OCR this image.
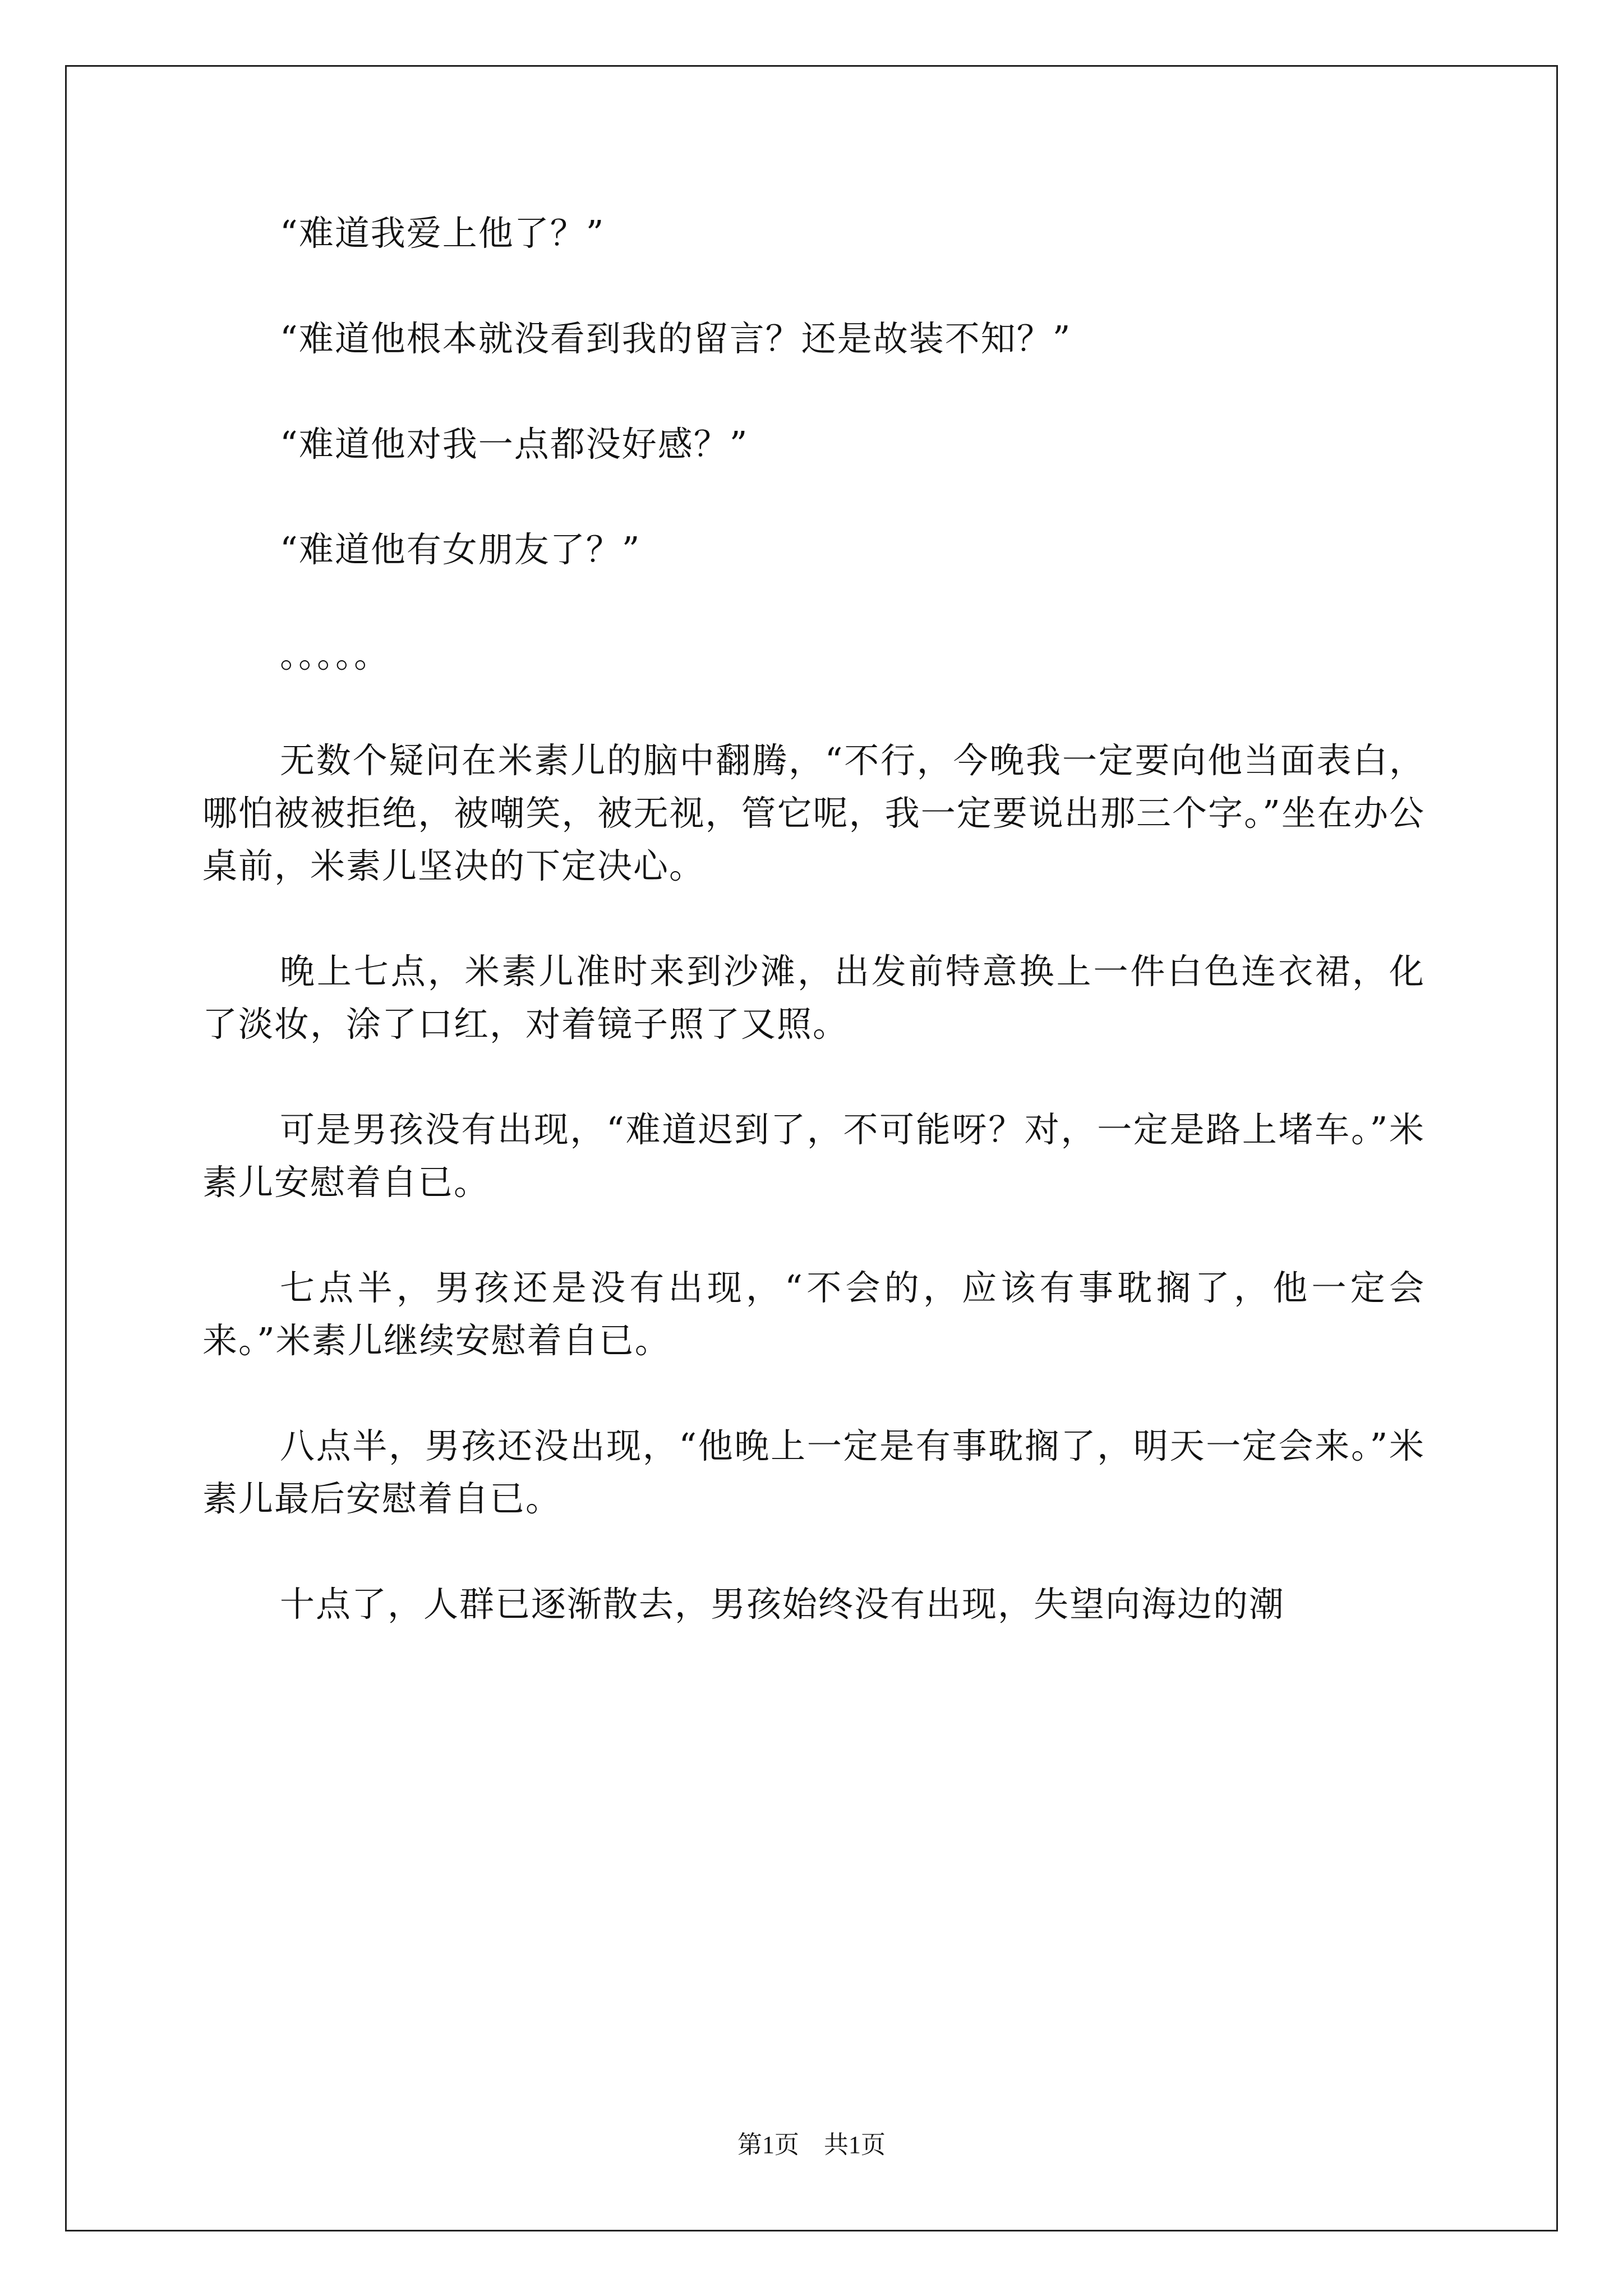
“难道我爱上他了？”

“难道他根本就没看到我的留言？还是故装不知？”

“难道他对我一点都没好感？”

“难道他有女朋友了？”

。。。。。

无数个疑问在米素儿的脑中翻腾，“不行，今晚我一定要向他当面表白，哪怕被被拒绝，被嘲笑，被无视，管它呢，我一定要说出那三个字。”坐在办公桌前，米素儿坚决的下定决心。

晚上七点，米素儿准时来到沙滩，出发前特意换上一件白色连衣裙，化了淡妆，涂了口红，对着镜子照了又照。

可是男孩没有出现，“难道迟到了，不可能呀？对，一定是路上堵车。”米素儿安慰着自已。

七点半，男孩还是没有出现，“不会的，应该有事耽搁了，他一定会来。”米素儿继续安慰着自已。

八点半，男孩还没出现，“他晚上一定是有事耽搁了，明天一定会来。”米素儿最后安慰着自已。

十点了，人群已逐渐散去，男孩始终没有出现，失望向海边的潮

第1页　共1页
